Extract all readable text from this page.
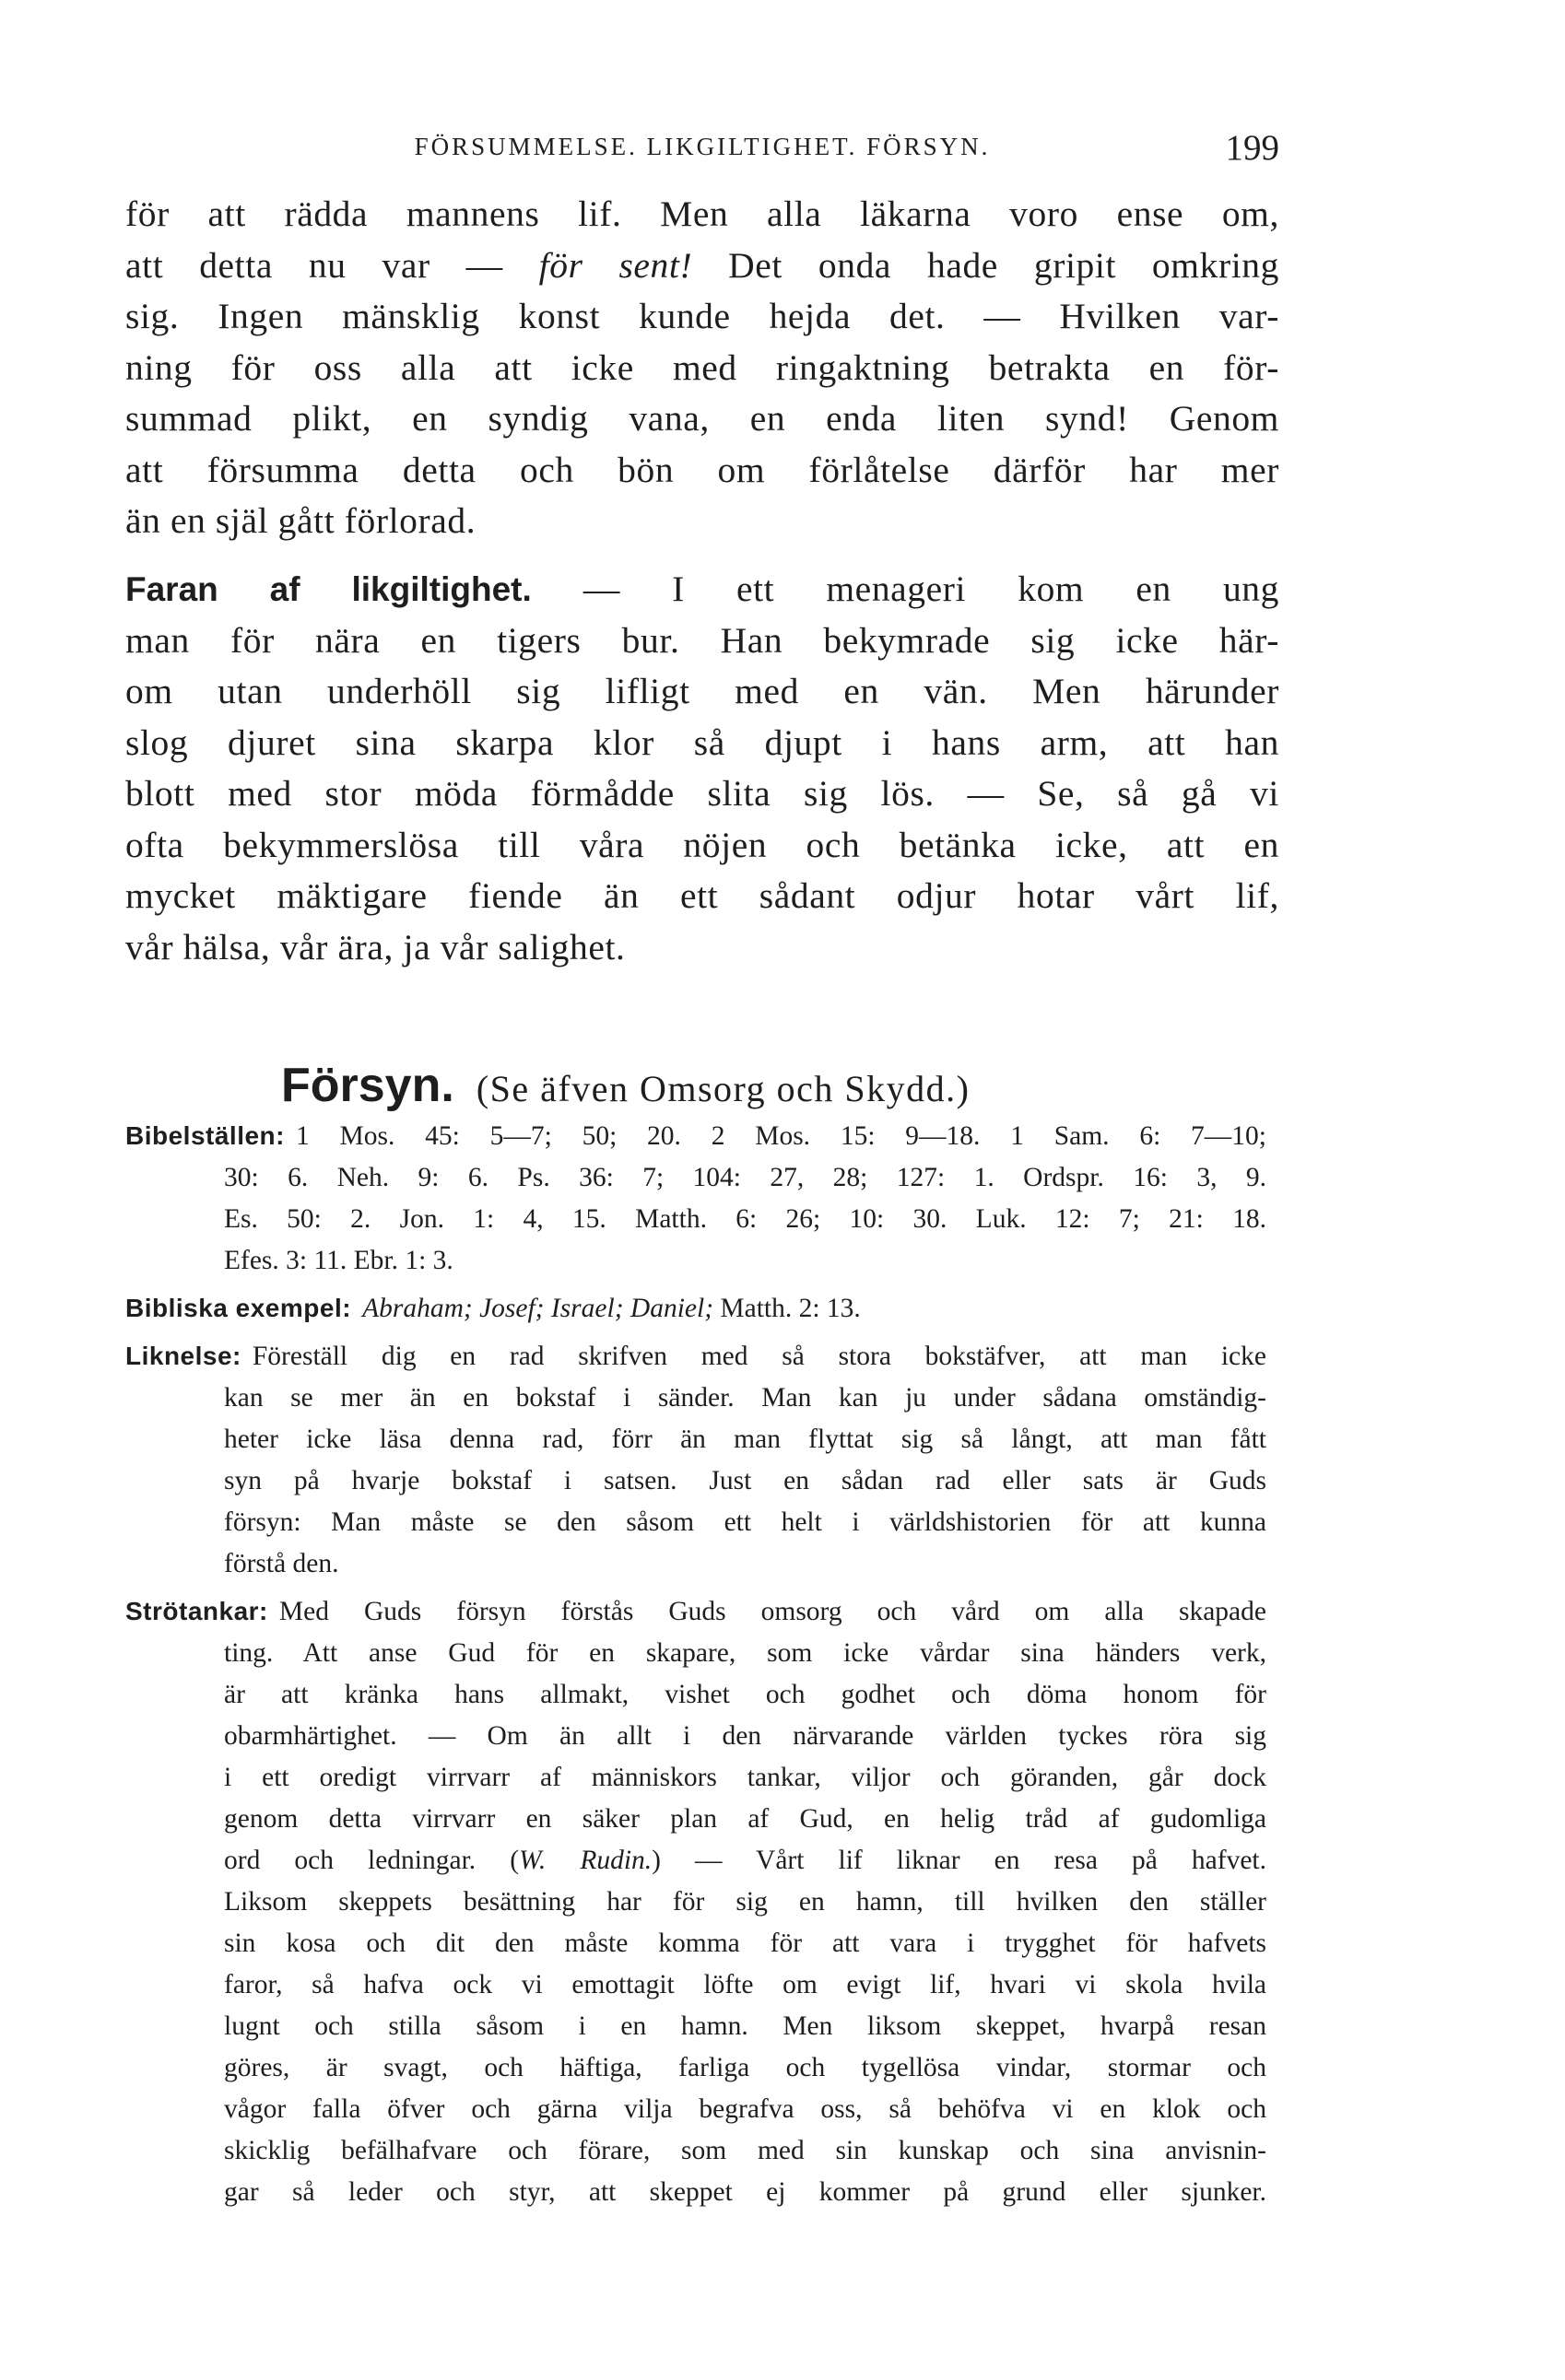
FÖRSUMMELSE. LIKGILTIGHET. FÖRSYN.	199
för att rädda mannens lif. Men alla läkarna voro ense om,
att detta nu var — för sent! Det onda hade gripit omkring
sig. Ingen mänsklig konst kunde hejda det. — Hvilken var-
ning för oss alla att icke med ringaktning betrakta en för-
summad plikt, en syndig vana, en enda liten synd! Genom
att försumma detta och bön om förlåtelse därför har mer
än en själ gått förlorad.
Faran af likgiltighet. — I ett menageri kom en ung
man för nära en tigers bur. Han bekymrade sig icke här-
om utan underhöll sig lifligt med en vän. Men härunder
slog djuret sina skarpa klor så djupt i hans arm, att han
blott med stor möda förmådde slita sig lös. — Se, så gå vi
ofta bekymmerslösa till våra nöjen och betänka icke, att en
mycket mäktigare fiende än ett sådant odjur hotar vårt lif,
vår hälsa, vår ära, ja vår salighet.
Försyn. (Se äfven Omsorg och Skydd.)
Bibelställen: 1 Mos. 45: 5—7; 50; 20. 2 Mos. 15: 9—18. 1 Sam. 6: 7—10;
30: 6. Neh. 9: 6. Ps. 36: 7; 104: 27, 28; 127: 1. Ordspr. 16: 3, 9.
Es. 50: 2. Jon. 1: 4, 15. Matth. 6: 26; 10: 30. Luk. 12: 7; 21: 18.
Efes. 3: 11. Ebr. 1: 3.
Bibliska exempel: Abraham; Josef; Israel; Daniel; Matth. 2: 13.
Liknelse: Föreställ dig en rad skrifven med så stora bokstäfver, att man icke
kan se mer än en bokstaf i sänder. Man kan ju under sådana omständig-
heter icke läsa denna rad, förr än man flyttat sig så långt, att man fått
syn på hvarje bokstaf i satsen. Just en sådan rad eller sats är Guds
försyn: Man måste se den såsom ett helt i världshistorien för att kunna
förstå den.
Strötankar: Med Guds försyn förstås Guds omsorg och vård om alla skapade
ting. Att anse Gud för en skapare, som icke vårdar sina händers verk,
är att kränka hans allmakt, vishet och godhet och döma honom för
obarmhärtighet. — Om än allt i den närvarande världen tyckes röra sig
i ett oredigt virrvarr af människors tankar, viljor och göranden, går dock
genom detta virrvarr en säker plan af Gud, en helig tråd af gudomliga
ord och ledningar. (W. Rudin.) — Vårt lif liknar en resa på hafvet.
Liksom skeppets besättning har för sig en hamn, till hvilken den ställer
sin kosa och dit den måste komma för att vara i trygghet för hafvets
faror, så hafva ock vi emottagit löfte om evigt lif, hvari vi skola hvila
lugnt och stilla såsom i en hamn. Men liksom skeppet, hvarpå resan
göres, är svagt, och häftiga, farliga och tygellösa vindar, stormar och
vågor falla öfver och gärna vilja begrafva oss, så behöfva vi en klok och
skicklig befälhafvare och förare, som med sin kunskap och sina anvisnin-
gar så leder och styr, att skeppet ej kommer på grund eller sjunker.
